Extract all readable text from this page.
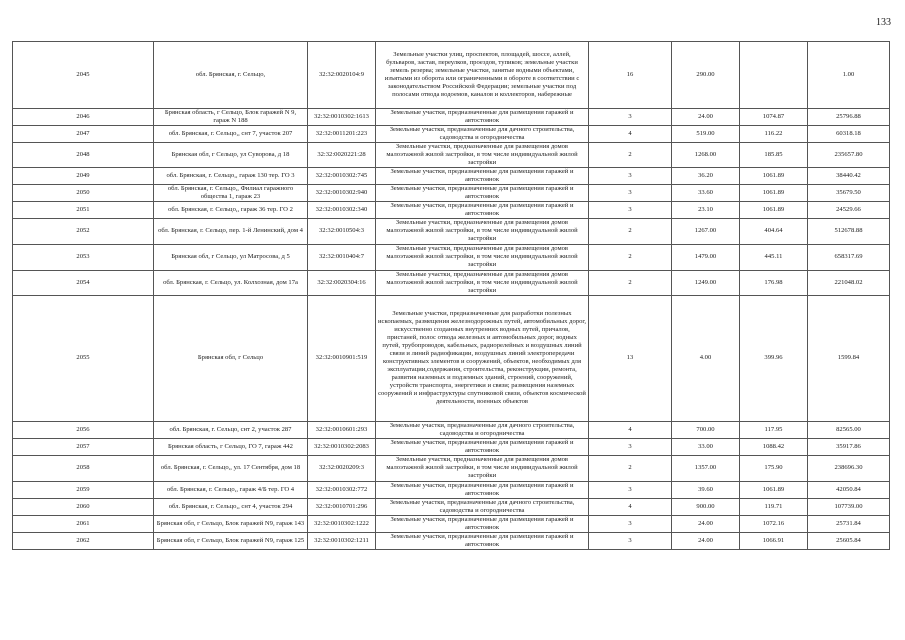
133
2045	обл. Брянская, г. Сельцо,	32:32:0020104:9	Земельные участки улиц, проспектов, площадей, шоссе, аллей, бульваров, застав, переулков, проездов, тупиков; земельные участки земель резерва; земельные участки, занятые водными объектами, изъятыми из оборота или ограниченными в обороте в соответствии с законодательством Российской Федерации; земельные участки под полосами отвода водоемов, каналов и коллекторов, набережные	16	290.00		1.00
2046	Брянская область, г Сельцо, Блок гаражей N 9, гараж N 188	32:32:0010302:1613	Земельные участки, предназначенные для размещения гаражей и автостоянок	3	24.00	1074.87	25796.88
2047	обл. Брянская, г. Сельцо,, снт 7, участок 207	32:32:0011201:223	Земельные участки, предназначенные для дачного строительства, садоводства и огородничества	4	519.00	116.22	60318.18
2048	Брянская обл, г Сельцо, ул Суворова, д 18	32:32:0020221:28	Земельные участки, предназначенные для размещения домов малоэтажной жилой застройки, в том числе индивидуальной жилой застройки	2	1268.00	185.85	235657.80
2049	обл. Брянская, г. Сельцо,, гараж 130 тер. ГО 3	32:32:0010302:745	Земельные участки, предназначенные для размещения гаражей и автостоянок	3	36.20	1061.89	38440.42
2050	обл. Брянская, г. Сельцо,, Филиал гаражного общества 1, гараж 23	32:32:0010302:940	Земельные участки, предназначенные для размещения гаражей и автостоянок	3	33.60	1061.89	35679.50
2051	обл. Брянская, г. Сельцо,, гараж 36 тер. ГО 2	32:32:0010302:340	Земельные участки, предназначенные для размещения гаражей и автостоянок	3	23.10	1061.89	24529.66
2052	обл. Брянская, г. Сельцо, пер. 1-й Ленинский, дом 4	32:32:0010504:3	Земельные участки, предназначенные для размещения домов малоэтажной жилой застройки, в том числе индивидуальной жилой застройки	2	1267.00	404.64	512678.88
2053	Брянская обл, г Сельцо, ул Матросова, д 5	32:32:0010404:7	Земельные участки, предназначенные для размещения домов малоэтажной жилой застройки, в том числе индивидуальной жилой застройки	2	1479.00	445.11	658317.69
2054	обл. Брянская, г. Сельцо, ул. Колхозная, дом 17а	32:32:0020304:16	Земельные участки, предназначенные для размещения домов малоэтажной жилой застройки, в том числе индивидуальной жилой застройки	2	1249.00	176.98	221048.02
2055	Брянская обл, г Сельцо	32:32:0010901:519	Земельные участки, предназначенные для разработки полезных ископаемых, размещения железнодорожных путей, автомобильных дорог, искусственно созданных внутренних водных путей, причалов, пристаней, полос отвода железных и автомобильных дорог, водных путей, трубопроводов, кабельных, радиорелейных и воздушных линий связи и линий радиофикации, воздушных линий электропередачи конструктивных элементов и сооружений, объектов, необходимых для эксплуатации,содержания, строительства, реконструкции, ремонта, развития наземных и подземных зданий, строений, сооружений, устройств транспорта, энергетики и связи; размещения наземных сооружений и инфраструктуры спутниковой связи, объектов космической деятельности, военных объектов	13	4.00	399.96	1599.84
2056	обл. Брянская, г. Сельцо, снт 2, участок 287	32:32:0010601:293	Земельные участки, предназначенные для дачного строительства, садоводства и огородничества	4	700.00	117.95	82565.00
2057	Брянская область, г Сельцо, ГО 7, гараж 442	32:32:0010302:2083	Земельные участки, предназначенные для размещения гаражей и автостоянок	3	33.00	1088.42	35917.86
2058	обл. Брянская, г. Сельцо,, ул. 17 Сентября, дом 18	32:32:0020209:3	Земельные участки, предназначенные для размещения домов малоэтажной жилой застройки, в том числе индивидуальной жилой застройки	2	1357.00	175.90	238696.30
2059	обл. Брянская, г. Сельцо,, гараж 4/Б тер. ГО 4	32:32:0010302:772	Земельные участки, предназначенные для размещения гаражей и автостоянок	3	39.60	1061.89	42050.84
2060	обл. Брянская, г. Сельцо,, снт 4, участок 294	32:32:0010701:296	Земельные участки, предназначенные для дачного строительства, садоводства и огородничества	4	900.00	119.71	107739.00
2061	Брянская обл, г Сельцо, Блок гаражей N9, гараж 143	32:32:0010302:1222	Земельные участки, предназначенные для размещения гаражей и автостоянок	3	24.00	1072.16	25731.84
2062	Брянская обл, г Сельцо, Блок гаражей N9, гараж 125	32:32:0010302:1211	Земельные участки, предназначенные для размещения гаражей и автостоянок	3	24.00	1066.91	25605.84
